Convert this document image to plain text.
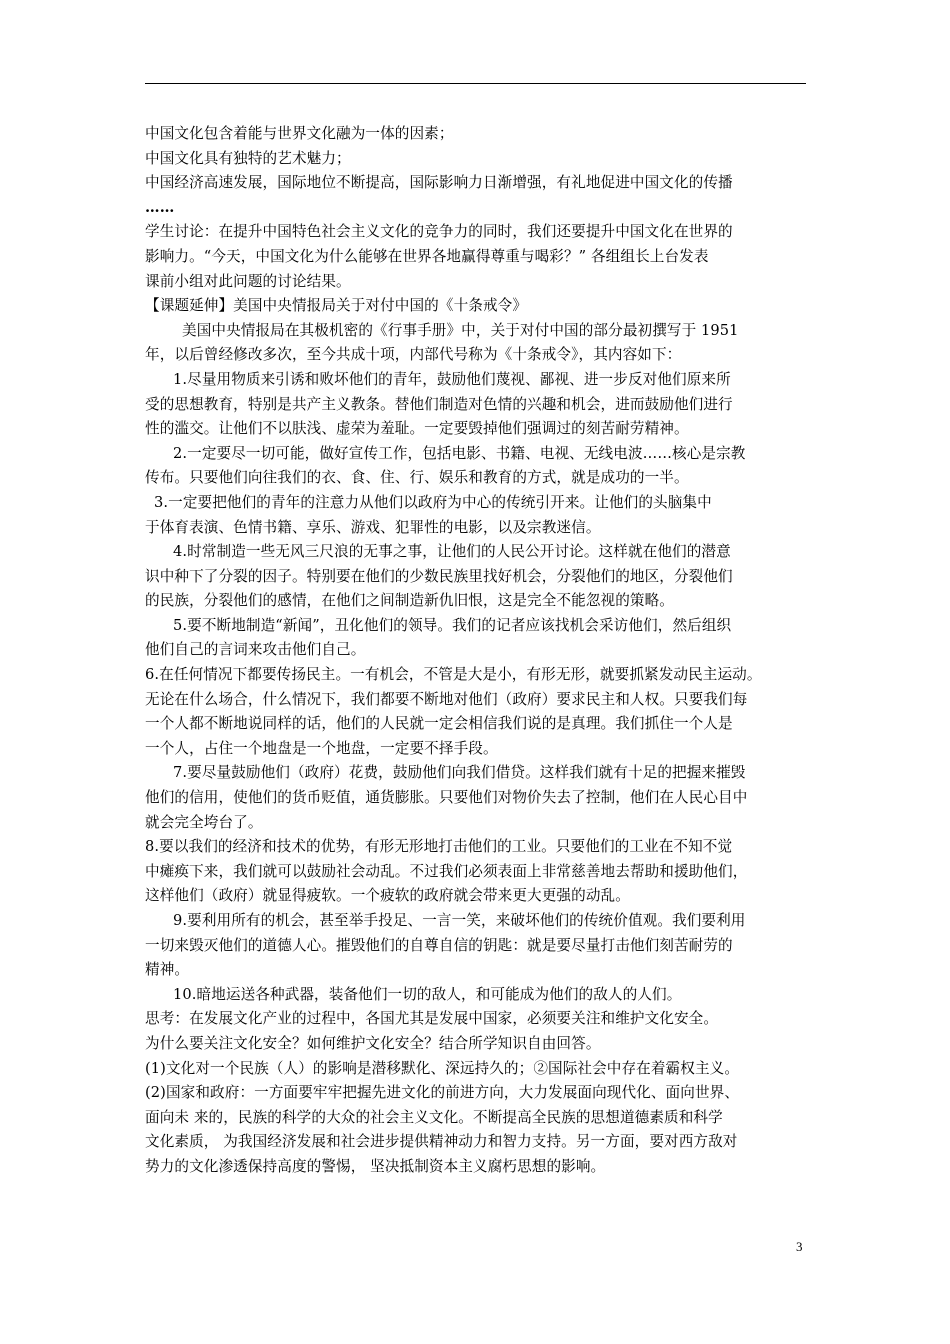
中国文化包含着能与世界文化融为一体的因素；

中国文化具有独特的艺术魅力；

中国经济高速发展，国际地位不断提高，国际影响力日渐增强，有礼地促进中国文化的传播

……

学生讨论：在提升中国特色社会主义文化的竞争力的同时，我们还要提升中国文化在世界的

影响力。“今天，中国文化为什么能够在世界各地赢得尊重与喝彩？” 各组组长上台发表

课前小组对此问题的讨论结果。

【课题延伸】美国中央情报局关于对付中国的《十条戒令》

美国中央情报局在其极机密的《行事手册》中，关于对付中国的部分最初撰写于 1951

年，以后曾经修改多次，至今共成十项，内部代号称为《十条戒令》，其内容如下：

1.尽量用物质来引诱和败坏他们的青年，鼓励他们蔑视、鄙视、进一步反对他们原来所

受的思想教育，特别是共产主义教条。替他们制造对色情的兴趣和机会，进而鼓励他们进行

性的滥交。让他们不以肤浅、虚荣为羞耻。一定要毁掉他们强调过的刻苦耐劳精神。

2.一定要尽一切可能，做好宣传工作，包括电影、书籍、电视、无线电波……核心是宗教

传布。只要他们向往我们的衣、食、住、行、娱乐和教育的方式，就是成功的一半。

3.一定要把他们的青年的注意力从他们以政府为中心的传统引开来。让他们的头脑集中

于体育表演、色情书籍、享乐、游戏、犯罪性的电影，以及宗教迷信。

4.时常制造一些无风三尺浪的无事之事，让他们的人民公开讨论。这样就在他们的潜意

识中种下了分裂的因子。特别要在他们的少数民族里找好机会，分裂他们的地区，分裂他们

的民族，分裂他们的感情，在他们之间制造新仇旧恨，这是完全不能忽视的策略。

5.要不断地制造“新闻”，丑化他们的领导。我们的记者应该找机会采访他们，然后组织

他们自己的言词来攻击他们自己。

6.在任何情况下都要传扬民主。一有机会，不管是大是小，有形无形，就要抓紧发动民主运动。

无论在什么场合，什么情况下，我们都要不断地对他们（政府）要求民主和人权。只要我们每

一个人都不断地说同样的话，他们的人民就一定会相信我们说的是真理。我们抓住一个人是

一个人，占住一个地盘是一个地盘，一定要不择手段。

7.要尽量鼓励他们（政府）花费，鼓励他们向我们借贷。这样我们就有十足的把握来摧毁

他们的信用，使他们的货币贬值，通货膨胀。只要他们对物价失去了控制，他们在人民心目中

就会完全垮台了。

8.要以我们的经济和技术的优势，有形无形地打击他们的工业。只要他们的工业在不知不觉

中瘫痪下来，我们就可以鼓励社会动乱。不过我们必须表面上非常慈善地去帮助和援助他们，

这样他们（政府）就显得疲软。一个疲软的政府就会带来更大更强的动乱。

9.要利用所有的机会，甚至举手投足、一言一笑，来破坏他们的传统价值观。我们要利用

一切来毁灭他们的道德人心。摧毁他们的自尊自信的钥匙：就是要尽量打击他们刻苦耐劳的

精神。

10.暗地运送各种武器，装备他们一切的敌人，和可能成为他们的敌人的人们。

思考：在发展文化产业的过程中，各国尤其是发展中国家，必须要关注和维护文化安全。

为什么要关注文化安全？如何维护文化安全？结合所学知识自由回答。

(1)文化对一个民族（人）的影响是潜移默化、深远持久的；②国际社会中存在着霸权主义。

(2)国家和政府：一方面要牢牢把握先进文化的前进方向，大力发展面向现代化、面向世界、

面向未 来的，民族的科学的大众的社会主义文化。不断提高全民族的思想道德素质和科学

文化素质， 为我国经济发展和社会进步提供精神动力和智力支持。另一方面，要对西方敌对

势力的文化渗透保持高度的警惕， 坚决抵制资本主义腐朽思想的影响。

3
